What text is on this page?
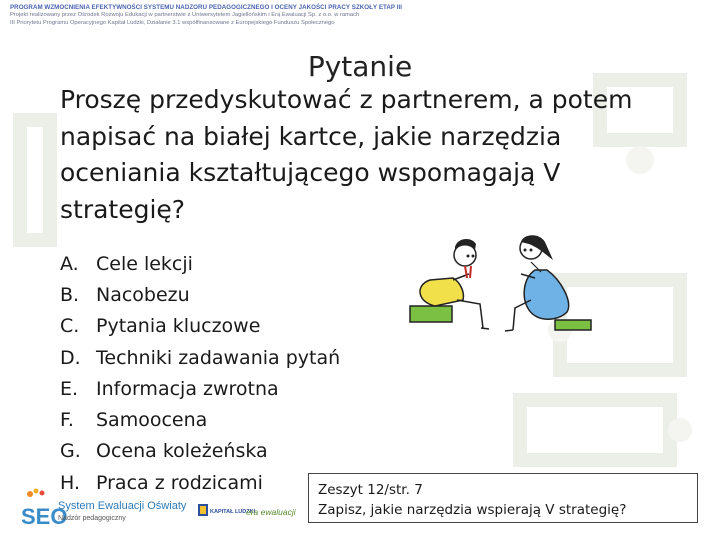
PROGRAM WZMOCNIENIA EFEKTYWNOŚCI SYSTEMU NADZORU PEDAGOGICZNEGO I OCENY JAKOŚCI PRACY SZKOŁY ETAP III
Projekt realizowany przez Ośrodek Rozwoju Edukacji w partnerstwie z Uniwersytetem Jagiellońskim i Erą Ewaluacji Sp. z o.o. w ramach
III Priorytetu Programu Operacyjnego Kapitał Ludzki, Działanie 3.1 współfinansowane z Europejskiego Funduszu Społecznego
Pytanie
Proszę przedyskutować z partnerem, a potem
napisać na białej kartce, jakie narzędzia
oceniania kształtującego wspomagają V
strategię?
A. Cele lekcji
B. Nacobezu
C. Pytania kluczowe
D. Techniki zadawania pytań
E. Informacja zwrotna
F.	Samoocena
G. Ocena koleżeńska
H. Praca z rodzicami	Zeszyt 12/str. 7
Zapisz, jakie narzędzia wspierają V strategię?
SEO
System Ewaluacji Oświaty
Nadzór pedagogiczny
KAPITAŁ LUDZKI
era ewaluacji
